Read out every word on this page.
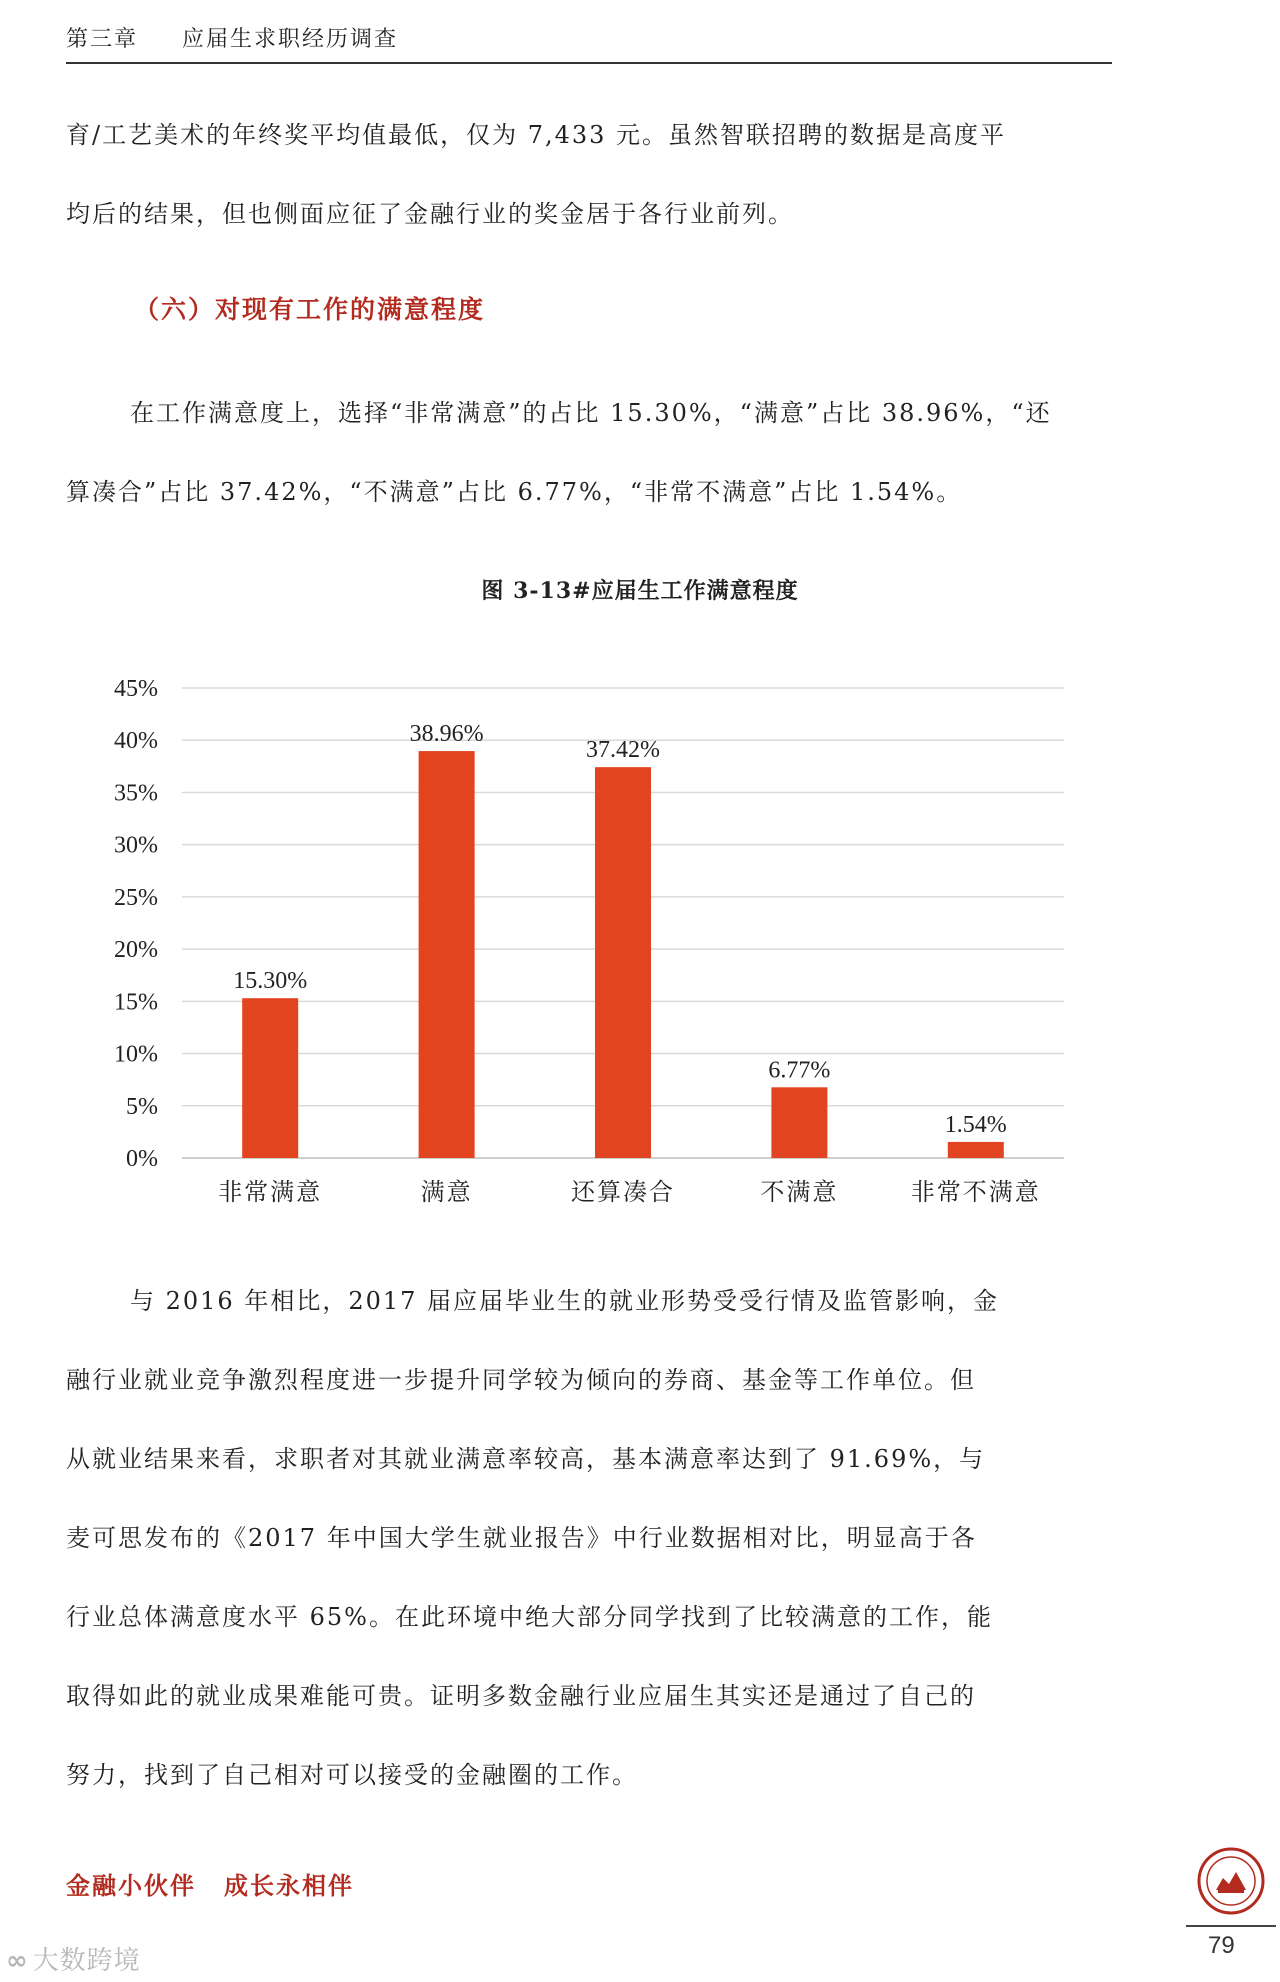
第三章 应届生求职经历调查

育/工艺美术的年终奖平均值最低，仅为 7,433 元。虽然智联招聘的数据是高度平
均后的结果，但也侧面应征了金融行业的奖金居于各行业前列。

（六）对现有工作的满意程度

在工作满意度上，选择“非常满意”的占比 15.30%，“满意”占比 38.96%，“还
算凑合”占比 37.42%，“不满意”占比 6.77%，“非常不满意”占比 1.54%。

图 3-13#应届生工作满意程度
0%
5%
10%
15%
20%
25%
30%
35%
40%
45%
15.30%
非常满意
38.96%
满意
37.42%
还算凑合
6.77%
不满意
1.54%
非常不满意

与 2016 年相比，2017 届应届毕业生的就业形势受受行情及监管影响，金
融行业就业竞争激烈程度进一步提升同学较为倾向的券商、基金等工作单位。但
从就业结果来看，求职者对其就业满意率较高，基本满意率达到了 91.69%，与
麦可思发布的《2017 年中国大学生就业报告》中行业数据相对比，明显高于各
行业总体满意度水平 65%。在此环境中绝大部分同学找到了比较满意的工作，能
取得如此的就业成果难能可贵。证明多数金融行业应届生其实还是通过了自己的
努力，找到了自己相对可以接受的金融圈的工作。

金融小伙伴 成长永相伴
79
∞ 大数跨境
